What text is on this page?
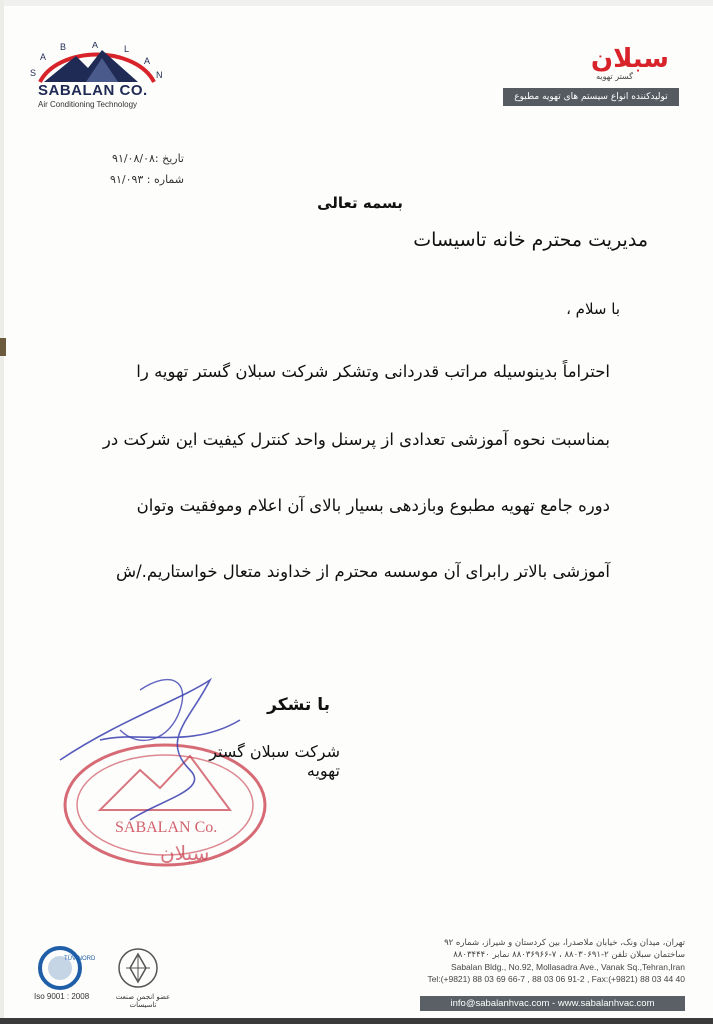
S
A
B	A	L
A
N
SABALAN CO.
Air Conditioning Technology
سبلان
گستر تهویه
تولیدکننده انواع سیستم های تهویه مطبوع
تاریخ :۹۱/۰۸/۰۸
شماره : ۹۱/۰۹۳
بسمه تعالی
مدیریت محترم خانه تاسیسات
با سلام ،
احتراماً بدینوسیله مراتب قدردانی وتشکر شرکت سبلان گستر تهویه را
بمناسبت نحوه آموزشی تعدادی از پرسنل واحد کنترل کیفیت این شرکت در
دوره جامع تهویه مطبوع وبازدهی بسیار بالای آن اعلام وموفقیت وتوان
آموزشی بالاتر رابرای آن موسسه محترم از خداوند متعال خواستاریم./ش
SABALAN Co.
سبلان
با تشکر
شرکت سبلان گستر تهویه
TÜV NORD
Iso 9001 : 2008	عضو انجمن صنعت تاسیسات
تهران، میدان ونک، خیابان ملاصدرا، بین کردستان و شیراز، شماره ۹۲
ساختمان سبلان تلفن ۲-۸۸۰۳۰۶۹۱ ، ۷-۸۸۰۳۶۹۶۶ نمابر ۸۸۰۳۴۴۴۰
Sabalan Bldg., No.92, Mollasadra Ave., Vanak Sq.,Tehran,Iran
Tel:(+9821) 88 03 69 66-7 , 88 03 06 91-2 , Fax:(+9821) 88 03 44 40
info@sabalanhvac.com - www.sabalanhvac.com
